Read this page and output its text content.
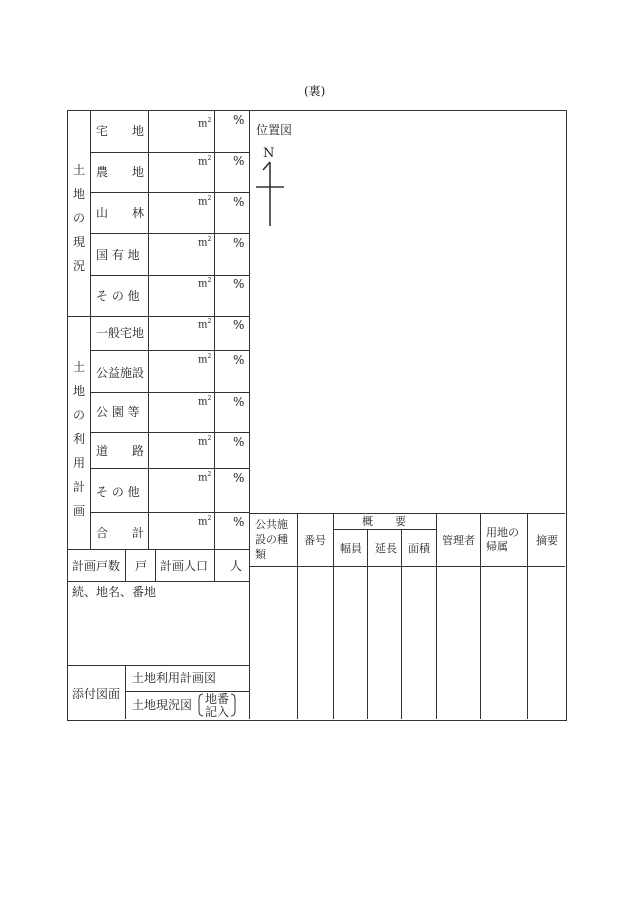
(裏)
土
地
の
現
況
宅　　地
$m^2$ %
農　　地
$m^2$ %
山　　林
$m^2$ %
国 有 地
$m^2$ %
そ の 他
$m^2$ %
土
地
の
利
用
計
画
一般宅地
$m^2$ %
公益施設
$m^2$ %
公 園 等
$m^2$ %
道　　路
$m^2$ %
そ の 他
$m^2$ %
合　　計
$m^2$ %
計画戸数 戸 計画人口 人
続、地名、番地
添付図面
土地利用計画図
土地現況図 地番
記入
位置図
N
公共施
設の種
類
番号
概　　要
幅員 延長 面積
管理者
用地の
帰属	摘要
